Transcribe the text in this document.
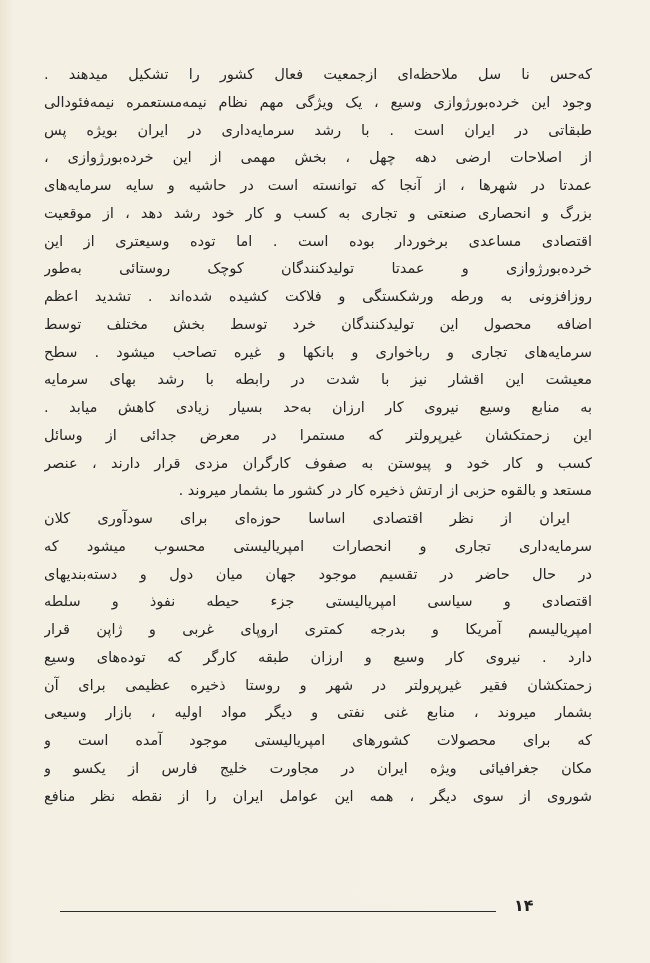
که‌حس نا سل ملاحظه‌ای ازجمعیت فعال کشور را تشکیل میدهند .
وجود این خرده‌بورژوازی وسیع ، یک ویژگی مهم نظام نیمه‌مستعمره نیمه‌فئودالی
طبقاتی در ایران است . با رشد سرمایه‌داری در ایران بویژه پس
از اصلاحات ارضی دهه چهل ، بخش مهمی از این خرده‌بورژوازی ،
عمدتا در شهرها ، از آنجا که توانسته است در حاشیه و سایه سرمایه‌های
بزرگ و انحصاری صنعتی و تجاری به کسب و کار خود رشد دهد ، از موقعیت
اقتصادی مساعدی برخوردار بوده است . اما توده وسیعتری از این
خرده‌بورژوازی و عمدتا تولیدکنندگان کوچک روستائی به‌طور
روزافزونی به ورطه ورشکستگی و فلاکت کشیده شده‌اند . تشدید اعظم
اضافه محصول این تولیدکنندگان خرد توسط بخش مختلف توسط
سرمایه‌های تجاری و رباخواری و بانکها و غیره تصاحب میشود . سطح
معیشت این اقشار نیز با شدت در رابطه با رشد بهای سرمایه
به منابع وسیع نیروی کار ارزان به‌حد بسیار زیادی کاهش میابد .
این زحمتکشان غیرپرولتر که مستمرا در معرض جدائی از وسائل
کسب و کار خود و پیوستن به صفوف کارگران مزدی قرار دارند ، عنصر
مستعد و بالقوه‌ حزبی از ارتش ذخیره کار در کشور ما بشمار میروند .
ایران از نظر اقتصادی اساسا حوزه‌ای برای سودآوری کلان
سرمایه‌داری تجاری و انحصارات امپریالیستی محسوب میشود که
در حال حاضر در تقسیم موجود جهان میان دول و دسته‌بندیهای
اقتصادی و سیاسی امپریالیستی جزء حیطه نفوذ و سلطه
امپریالیسم آمریکا و بدرجه کمتری اروپای غربی و ژاپن قرار
دارد . نیروی کار وسیع و ارزان طبقه کارگر که توده‌های وسیع
زحمتکشان فقیر غیرپرولتر در شهر و روستا ذخیره عظیمی برای آن
بشمار میروند ، منابع غنی نفتی و دیگر مواد اولیه ، بازار وسیعی
که برای محصولات کشورهای امپریالیستی موجود آمده است و
مکان جغرافیائی ویژه ایران در مجاورت خلیج فارس از یکسو و
شوروی از سوی دیگر ، همه این عوامل ایران را از نقطه نظر منافع
۱۴
